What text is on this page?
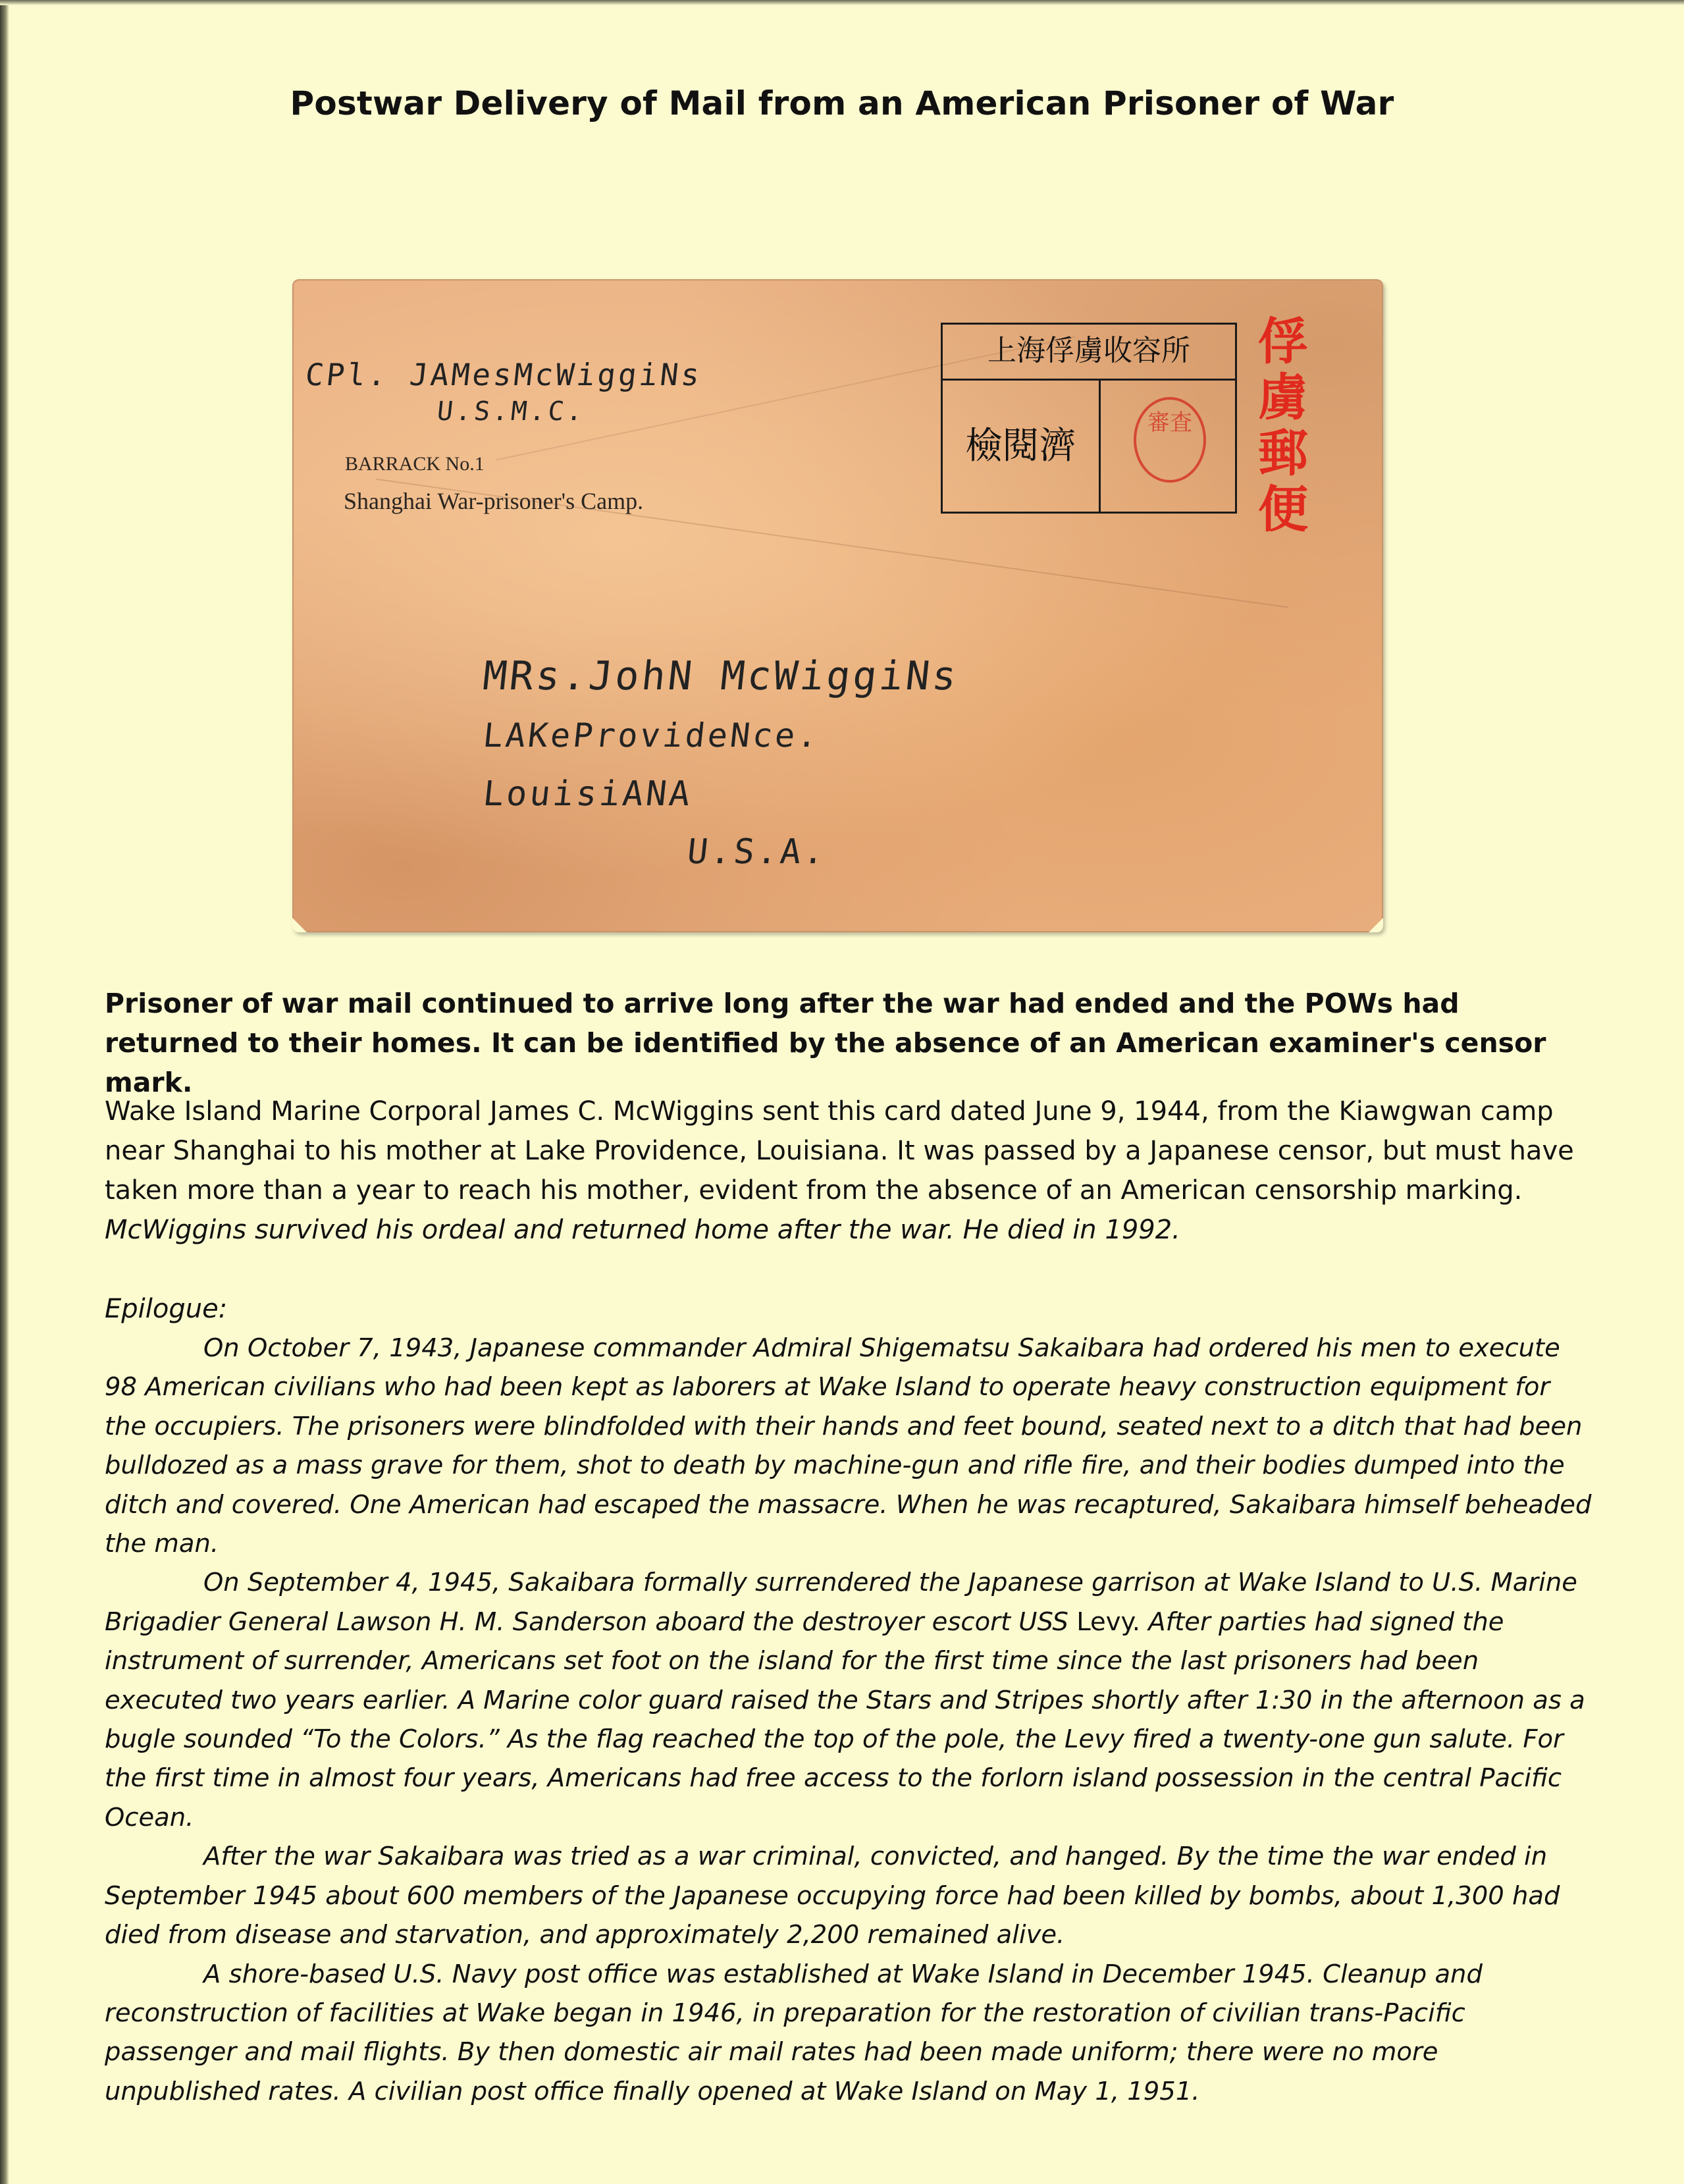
Postwar Delivery of Mail from an American Prisoner of War
CPl. JAMesMcWiggiNs
U.S.M.C.
BARRACK No.1
Shanghai War-prisoner's Camp.
上海俘虜收容所
檢閱濟
審査
俘虜郵便
MRs.JohN McWiggiNs
LAKeProvideNce.
LouisiANA
U.S.A.
Prisoner of war mail continued to arrive long after the war had ended and the POWs had returned to their homes. It can be identified by the absence of an American examiner's censor mark.
Wake Island Marine Corporal James C. McWiggins sent this card dated June 9, 1944, from the Kiawgwan camp near Shanghai to his mother at Lake Providence, Louisiana. It was passed by a Japanese censor, but must have taken more than a year to reach his mother, evident from the absence of an American censorship marking. McWiggins survived his ordeal and returned home after the war. He died in 1992.
Epilogue:

On October 7, 1943, Japanese commander Admiral Shigematsu Sakaibara had ordered his men to execute 98 American civilians who had been kept as laborers at Wake Island to operate heavy construction equipment for the occupiers. The prisoners were blindfolded with their hands and feet bound, seated next to a ditch that had been bulldozed as a mass grave for them, shot to death by machine-gun and rifle fire, and their bodies dumped into the ditch and covered. One American had escaped the massacre. When he was recaptured, Sakaibara himself beheaded the man.

On September 4, 1945, Sakaibara formally surrendered the Japanese garrison at Wake Island to U.S. Marine Brigadier General Lawson H. M. Sanderson aboard the destroyer escort USS Levy. After parties had signed the instrument of surrender, Americans set foot on the island for the first time since the last prisoners had been executed two years earlier. A Marine color guard raised the Stars and Stripes shortly after 1:30 in the afternoon as a bugle sounded “To the Colors.” As the flag reached the top of the pole, the Levy fired a twenty-one gun salute. For the first time in almost four years, Americans had free access to the forlorn island possession in the central Pacific Ocean.

After the war Sakaibara was tried as a war criminal, convicted, and hanged. By the time the war ended in September 1945 about 600 members of the Japanese occupying force had been killed by bombs, about 1,300 had died from disease and starvation, and approximately 2,200 remained alive.

A shore-based U.S. Navy post office was established at Wake Island in December 1945. Cleanup and reconstruction of facilities at Wake began in 1946, in preparation for the restoration of civilian trans-Pacific passenger and mail flights. By then domestic air mail rates had been made uniform; there were no more unpublished rates. A civilian post office finally opened at Wake Island on May 1, 1951.
